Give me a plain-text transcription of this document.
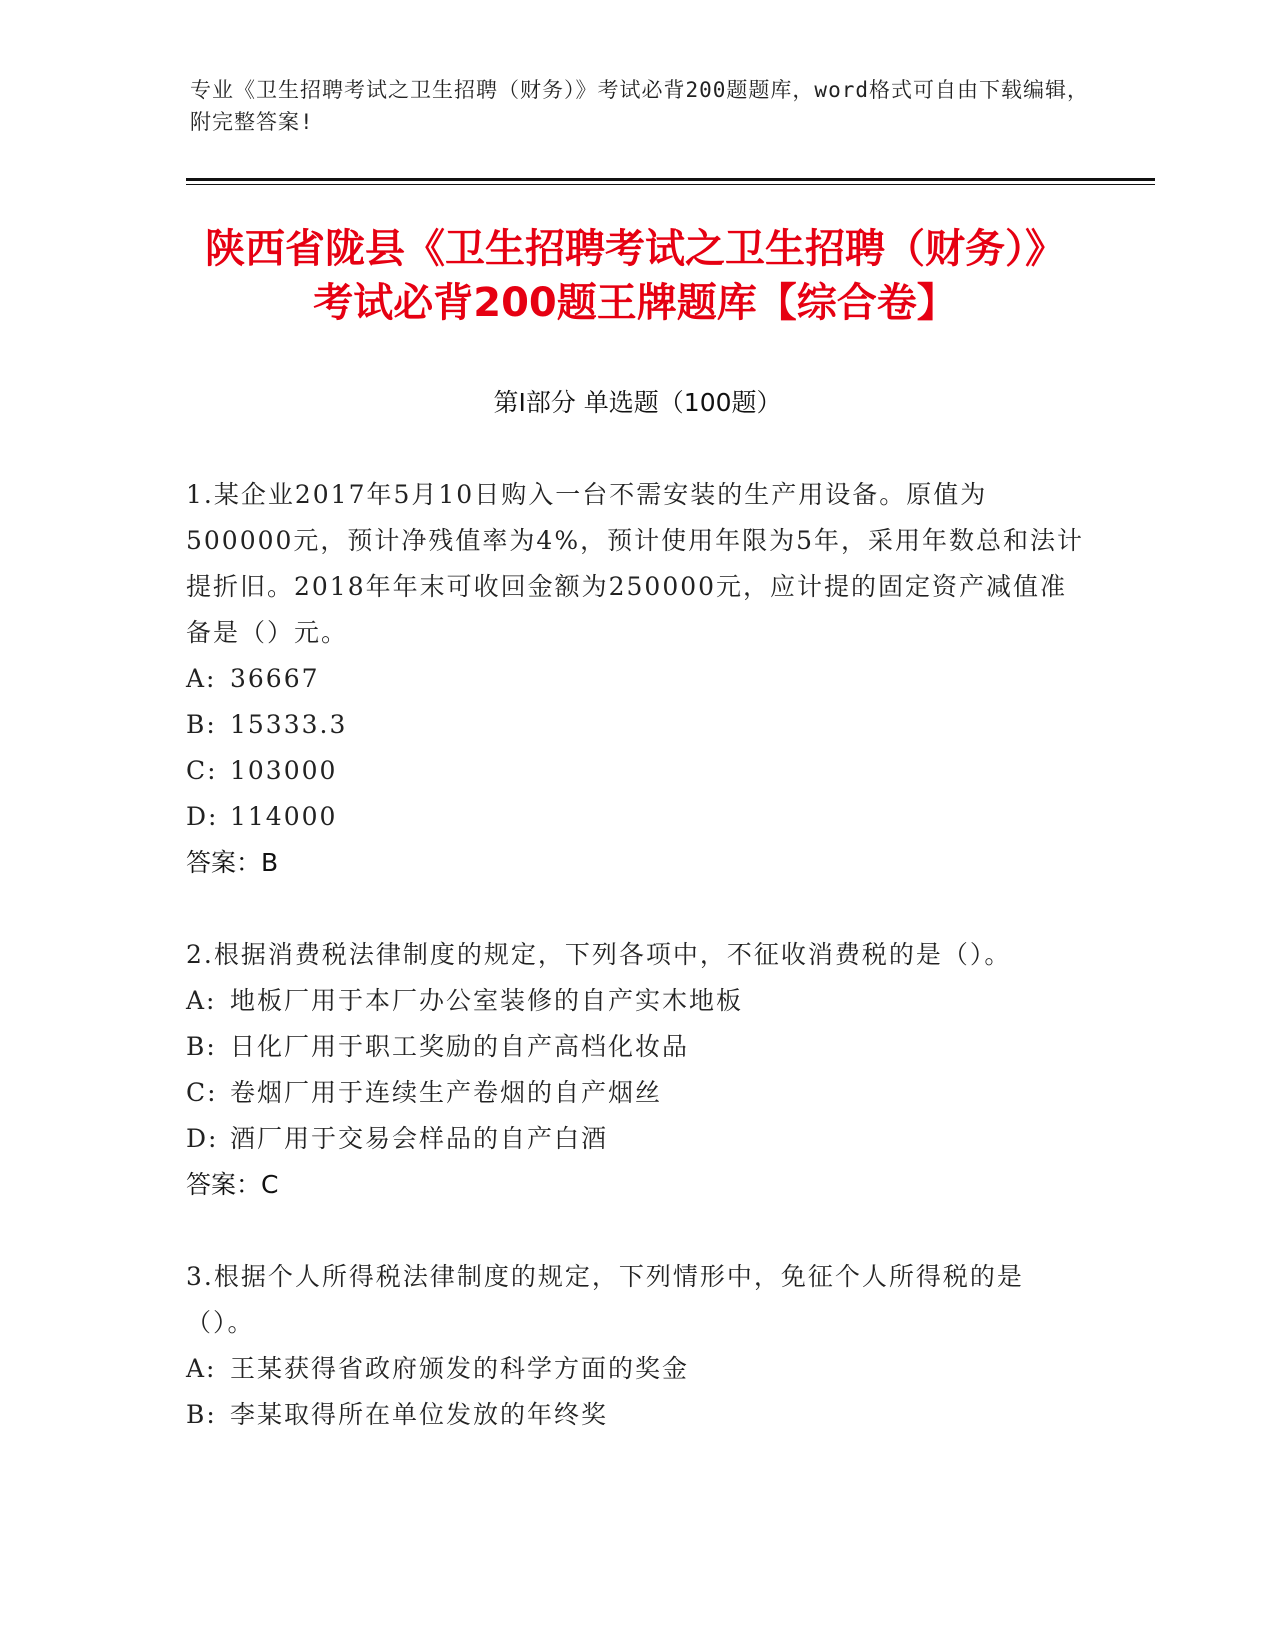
专业《卫生招聘考试之卫生招聘（财务）》考试必背200题题库，word格式可自由下载编辑，附完整答案!
陕西省陇县《卫生招聘考试之卫生招聘（财务）》考试必背200题王牌题库【综合卷】
第Ⅰ部分 单选题（100题）
1.某企业2017年5月10日购入一台不需安装的生产用设备。原值为500000元，预计净残值率为4%，预计使用年限为5年，采用年数总和法计提折旧。2018年年末可收回金额为250000元，应计提的固定资产减值准备是（）元。
A: 36667
B: 15333.3
C: 103000
D: 114000
答案：B
2.根据消费税法律制度的规定，下列各项中，不征收消费税的是（）。
A: 地板厂用于本厂办公室装修的自产实木地板
B: 日化厂用于职工奖励的自产高档化妆品
C: 卷烟厂用于连续生产卷烟的自产烟丝
D: 酒厂用于交易会样品的自产白酒
答案：C
3.根据个人所得税法律制度的规定，下列情形中，免征个人所得税的是（）。
A: 王某获得省政府颁发的科学方面的奖金
B: 李某取得所在单位发放的年终奖
